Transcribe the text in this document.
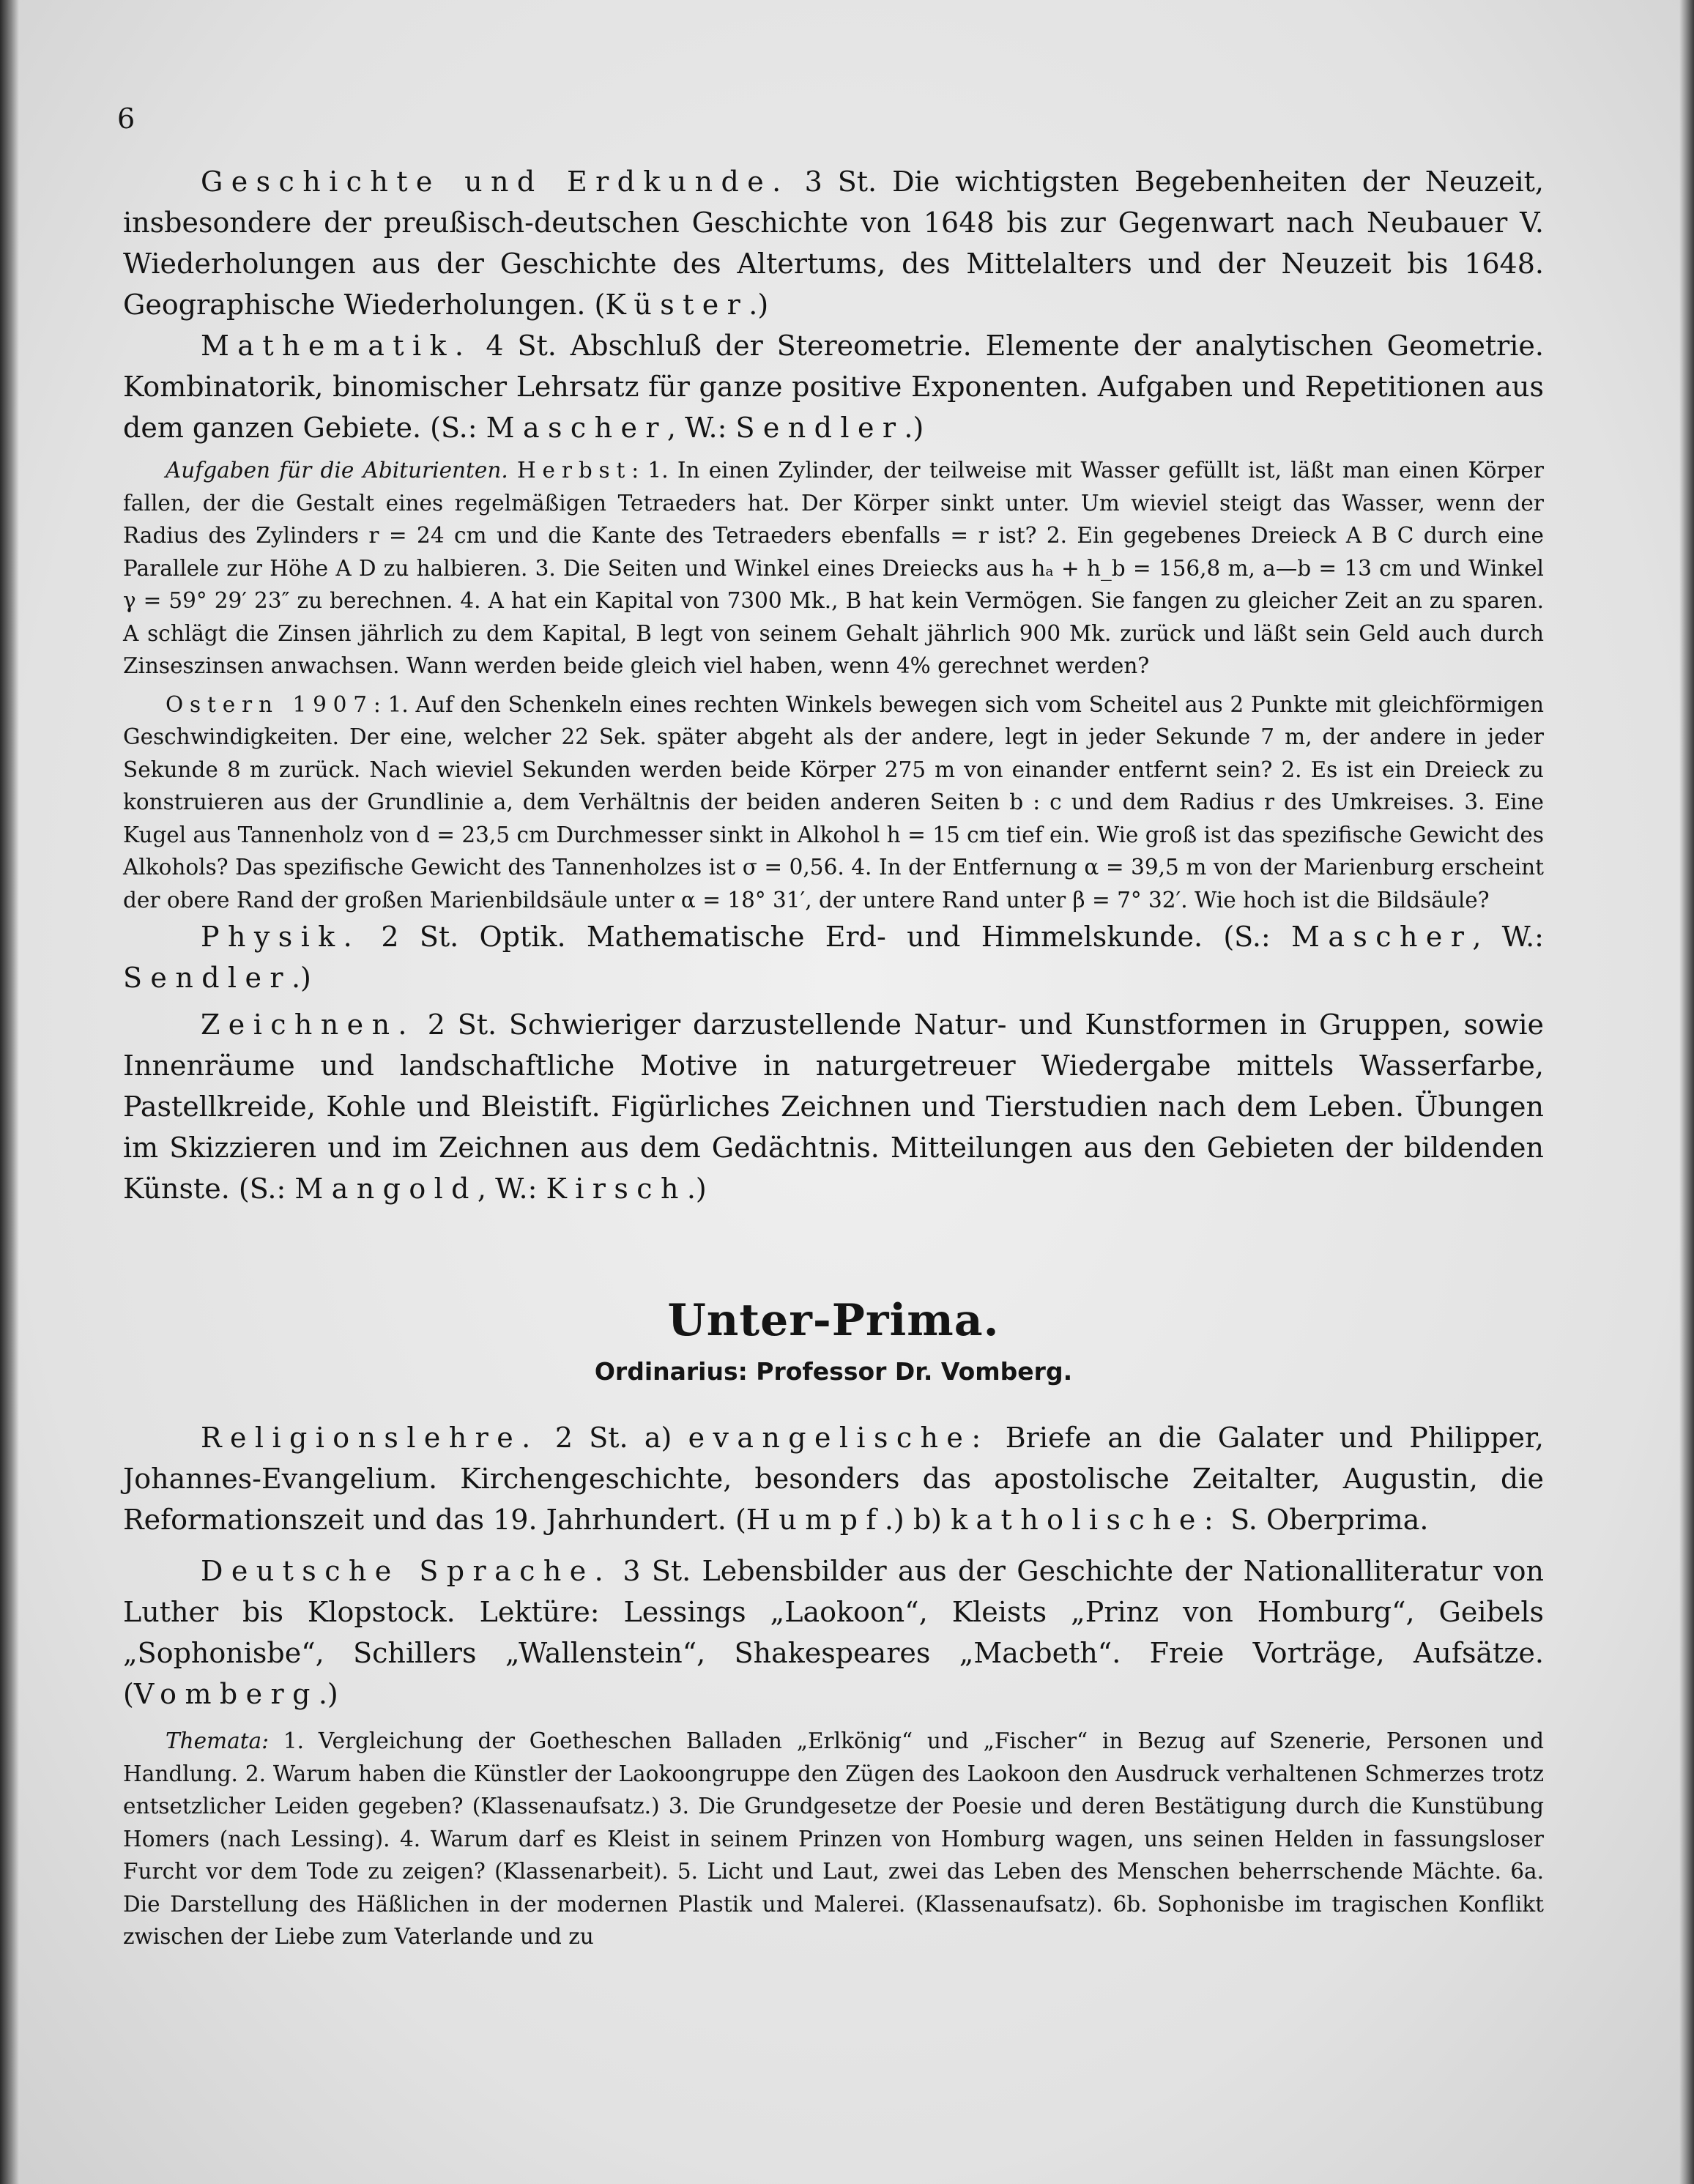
6

Geschichte und Erdkunde. 3 St. Die wichtigsten Begebenheiten der Neuzeit, insbesondere der preußisch-deutschen Geschichte von 1648 bis zur Gegenwart nach Neubauer V. Wiederholungen aus der Geschichte des Altertums, des Mittelalters und der Neuzeit bis 1648. Geographische Wiederholungen. (Küster.)

Mathematik. 4 St. Abschluß der Stereometrie. Elemente der analytischen Geometrie. Kombinatorik, binomischer Lehrsatz für ganze positive Exponenten. Aufgaben und Repetitionen aus dem ganzen Gebiete. (S.: Mascher, W.: Sendler.)

Aufgaben für die Abiturienten. Herbst: 1. In einen Zylinder, der teilweise mit Wasser gefüllt ist, läßt man einen Körper fallen, der die Gestalt eines regelmäßigen Tetraeders hat. Der Körper sinkt unter. Um wieviel steigt das Wasser, wenn der Radius des Zylinders r = 24 cm und die Kante des Tetraeders ebenfalls = r ist? 2. Ein gegebenes Dreieck A B C durch eine Parallele zur Höhe A D zu halbieren. 3. Die Seiten und Winkel eines Dreiecks aus hₐ + h_b = 156,8 m, a—b = 13 cm und Winkel γ = 59° 29′ 23″ zu berechnen. 4. A hat ein Kapital von 7300 Mk., B hat kein Vermögen. Sie fangen zu gleicher Zeit an zu sparen. A schlägt die Zinsen jährlich zu dem Kapital, B legt von seinem Gehalt jährlich 900 Mk. zurück und läßt sein Geld auch durch Zinseszinsen anwachsen. Wann werden beide gleich viel haben, wenn 4% gerechnet werden?

Ostern 1907: 1. Auf den Schenkeln eines rechten Winkels bewegen sich vom Scheitel aus 2 Punkte mit gleichförmigen Geschwindigkeiten. Der eine, welcher 22 Sek. später abgeht als der andere, legt in jeder Sekunde 7 m, der andere in jeder Sekunde 8 m zurück. Nach wieviel Sekunden werden beide Körper 275 m von einander entfernt sein? 2. Es ist ein Dreieck zu konstruieren aus der Grundlinie a, dem Verhältnis der beiden anderen Seiten b : c und dem Radius r des Umkreises. 3. Eine Kugel aus Tannenholz von d = 23,5 cm Durchmesser sinkt in Alkohol h = 15 cm tief ein. Wie groß ist das spezifische Gewicht des Alkohols? Das spezifische Gewicht des Tannenholzes ist σ = 0,56. 4. In der Entfernung α = 39,5 m von der Marienburg erscheint der obere Rand der großen Marienbildsäule unter α = 18° 31′, der untere Rand unter β = 7° 32′. Wie hoch ist die Bildsäule?

Physik. 2 St. Optik. Mathematische Erd- und Himmelskunde. (S.: Mascher, W.: Sendler.)

Zeichnen. 2 St. Schwieriger darzustellende Natur- und Kunstformen in Gruppen, sowie Innenräume und landschaftliche Motive in naturgetreuer Wiedergabe mittels Wasserfarbe, Pastellkreide, Kohle und Bleistift. Figürliches Zeichnen und Tierstudien nach dem Leben. Übungen im Skizzieren und im Zeichnen aus dem Gedächtnis. Mitteilungen aus den Gebieten der bildenden Künste. (S.: Mangold, W.: Kirsch.)

Unter-Prima.

Ordinarius: Professor Dr. Vomberg.

Religionslehre. 2 St. a) evangelische: Briefe an die Galater und Philipper, Johannes-Evangelium. Kirchengeschichte, besonders das apostolische Zeitalter, Augustin, die Reformationszeit und das 19. Jahrhundert. (Humpf.) b) katholische: S. Oberprima.

Deutsche Sprache. 3 St. Lebensbilder aus der Geschichte der Nationalliteratur von Luther bis Klopstock. Lektüre: Lessings „Laokoon“, Kleists „Prinz von Homburg“, Geibels „Sophonisbe“, Schillers „Wallenstein“, Shakespeares „Macbeth“. Freie Vorträge, Aufsätze. (Vomberg.)

Themata: 1. Vergleichung der Goetheschen Balladen „Erlkönig“ und „Fischer“ in Bezug auf Szenerie, Personen und Handlung. 2. Warum haben die Künstler der Laokoongruppe den Zügen des Laokoon den Ausdruck verhaltenen Schmerzes trotz entsetzlicher Leiden gegeben? (Klassenaufsatz.) 3. Die Grundgesetze der Poesie und deren Bestätigung durch die Kunstübung Homers (nach Lessing). 4. Warum darf es Kleist in seinem Prinzen von Homburg wagen, uns seinen Helden in fassungsloser Furcht vor dem Tode zu zeigen? (Klassenarbeit). 5. Licht und Laut, zwei das Leben des Menschen beherrschende Mächte. 6a. Die Darstellung des Häßlichen in der modernen Plastik und Malerei. (Klassenaufsatz). 6b. Sophonisbe im tragischen Konflikt zwischen der Liebe zum Vaterlande und zu
